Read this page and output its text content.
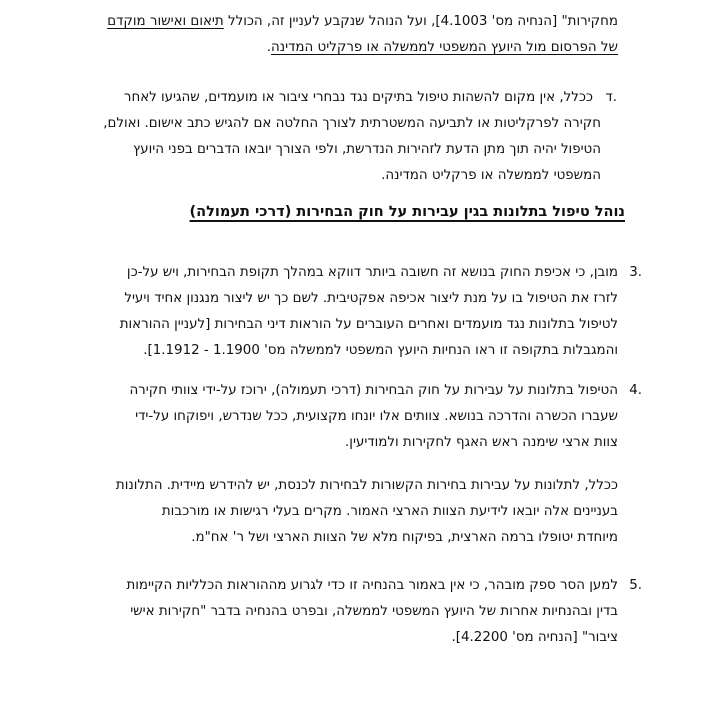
מחקירות" [הנחיה מס' 4.1003], ועל הנוהל שנקבע לעניין זה, הכולל תיאום ואישור מוקדם
של הפרסום מול היועץ המשפטי לממשלה או פרקליט המדינה.
ד.
ככלל, אין מקום להשהות טיפול בתיקים נגד נבחרי ציבור או מועמדים, שהגיעו לאחר
חקירה לפרקליטות או לתביעה המשטרתית לצורך החלטה אם להגיש כתב אישום. ואולם,
הטיפול יהיה תוך מתן הדעת לזהירות הנדרשת, ולפי הצורך יובאו הדברים בפני היועץ
המשפטי לממשלה או פרקליט המדינה.
נוהל טיפול בתלונות בגין עבירות על חוק הבחירות (דרכי תעמולה)
3.
מובן, כי אכיפת החוק בנושא זה חשובה ביותר דווקא במהלך תקופת הבחירות, ויש על-כן
לזרז את הטיפול בו על מנת ליצור אכיפה אפקטיבית. לשם כך יש ליצור מנגנון אחיד ויעיל
לטיפול בתלונות נגד מועמדים ואחרים העוברים על הוראות דיני הבחירות [לעניין ההוראות
והמגבלות בתקופה זו ראו הנחיות היועץ המשפטי לממשלה מס' 1.1900 - 1.1912].
4.
הטיפול בתלונות על עבירות על חוק הבחירות (דרכי תעמולה), ירוכז על-ידי צוותי חקירה
שעברו הכשרה והדרכה בנושא. צוותים אלו יונחו מקצועית, ככל שנדרש, ויפוקחו על-ידי
צוות ארצי שימנה ראש האגף לחקירות ולמודיעין.
ככלל, לתלונות על עבירות בחירות הקשורות לבחירות לכנסת, יש להידרש מיידית. התלונות
בעניינים אלה יובאו לידיעת הצוות הארצי האמור. מקרים בעלי רגישות או מורכבות
מיוחדת יטופלו ברמה הארצית, בפיקוח מלא של הצוות הארצי ושל ר' אח"מ.
5.
למען הסר ספק מובהר, כי אין באמור בהנחיה זו כדי לגרוע מההוראות הכלליות הקיימות
בדין ובהנחיות אחרות של היועץ המשפטי לממשלה, ובפרט בהנחיה בדבר "חקירות אישי
ציבור" [הנחיה מס' 4.2200].
